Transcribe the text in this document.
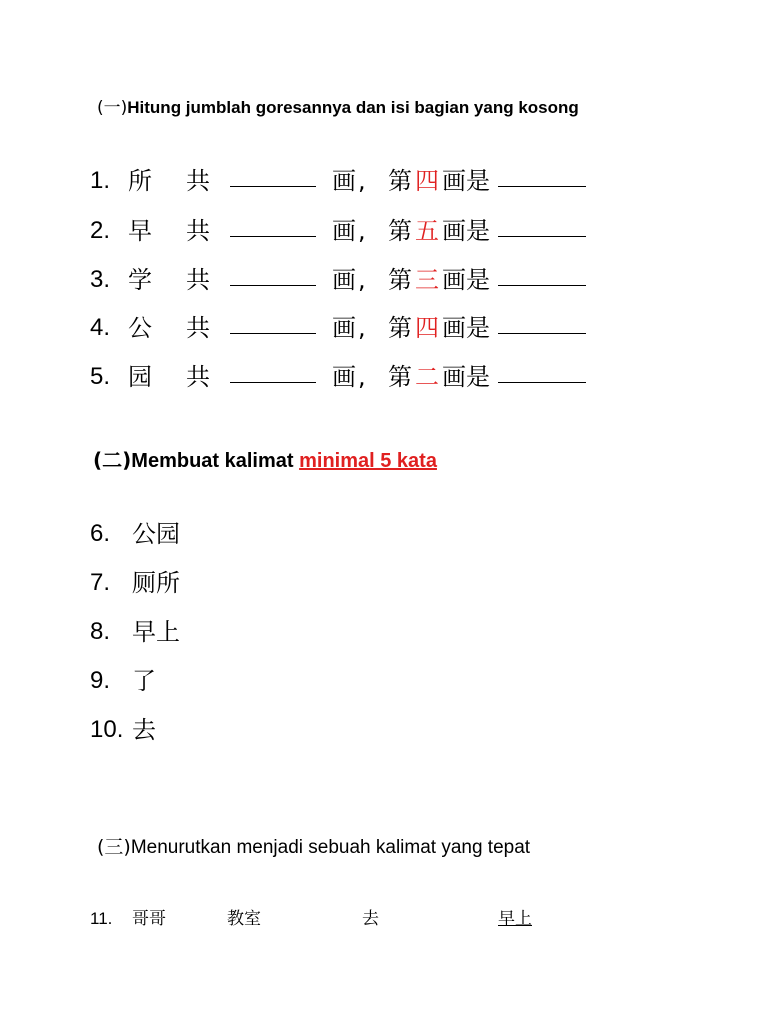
(一)Hitung jumblah goresannya dan isi bagian yang kosong
1. 所 共	画 , 第 四 画是
2. 早 共	画 , 第 五 画是
3. 学 共	画 , 第 三 画是
4. 公 共	画 , 第 四 画是
5. 园 共	画 , 第 二 画是
(二)Membuat kalimat minimal 5 kata
6. 公园
7. 厕所
8. 早上
9. 了
10. 去
(三)Menurutkan menjadi sebuah kalimat yang tepat
11. 哥哥	教室	去	早上
